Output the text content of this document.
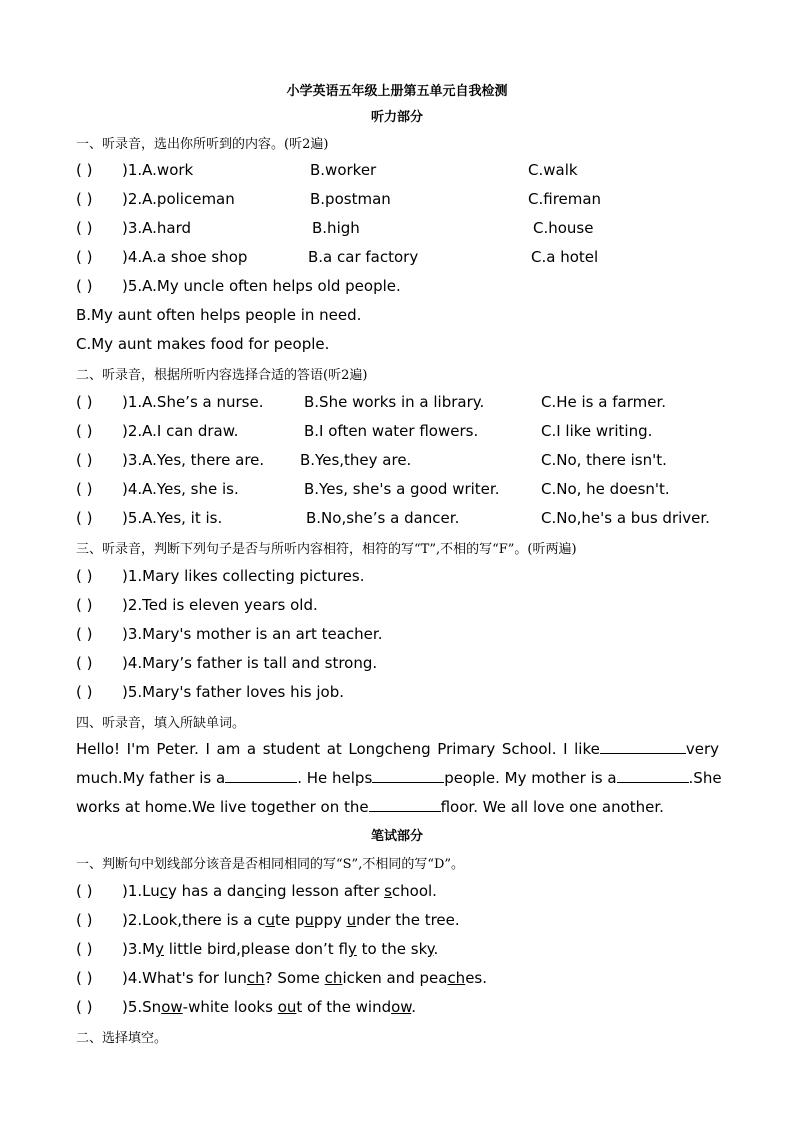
小学英语五年级上册第五单元自我检测
听力部分
一、听录音，选出你所听到的内容。(听2遍)
( ) )1.A.work	B.worker	C.walk
( ) )2.A.policeman	B.postman	C.fireman
( ) )3.A.hard	B.high	C.house
( ) )4.A.a shoe shop	B.a car factory	C.a hotel
( ) )5.A.My uncle often helps old people.
B.My aunt often helps people in need.
C.My aunt makes food for people.
二、听录音，根据所听内容选择合适的答语(听2遍)
( ) )1.A.She’s a nurse.	B.She works in a library.	C.He is a farmer.
( ) )2.A.I can draw.	B.I often water flowers.	C.I like writing.
( ) )3.A.Yes, there are. B.Yes,they are.	C.No, there isn't.
( ) )4.A.Yes, she is.	B.Yes, she's a good writer.	C.No, he doesn't.
( ) )5.A.Yes, it is.	B.No,she’s a dancer.	C.No,he's a bus driver.
三、听录音，判断下列句子是否与所听内容相符，相符的写“T”,不相的写“F”。(听两遍)
( ) )1.Mary likes collecting pictures.
( ) )2.Ted is eleven years old.
( ) )3.Mary's mother is an art teacher.
( ) )4.Mary’s father is tall and strong.
( ) )5.Mary's father loves his job.
四、听录音，填入所缺单词。
Hello! I'm Peter. I am a student at Longcheng Primary School. I like	very
much.My father is a	. He helps	people. My mother is a	.She
works at home.We live together on the	floor. We all love one another.
笔试部分
一、判断句中划线部分该音是否相同相同的写“S”,不相同的写“D”。
( ) )1.Lucy has a dancing lesson after school.
( ) )2.Look,there is a cute puppy under the tree.
( ) )3.My little bird,please don’t fly to the sky.
( ) )4.What's for lunch? Some chicken and peaches.
( ) )5.Snow-white looks out of the window.
二、选择填空。
